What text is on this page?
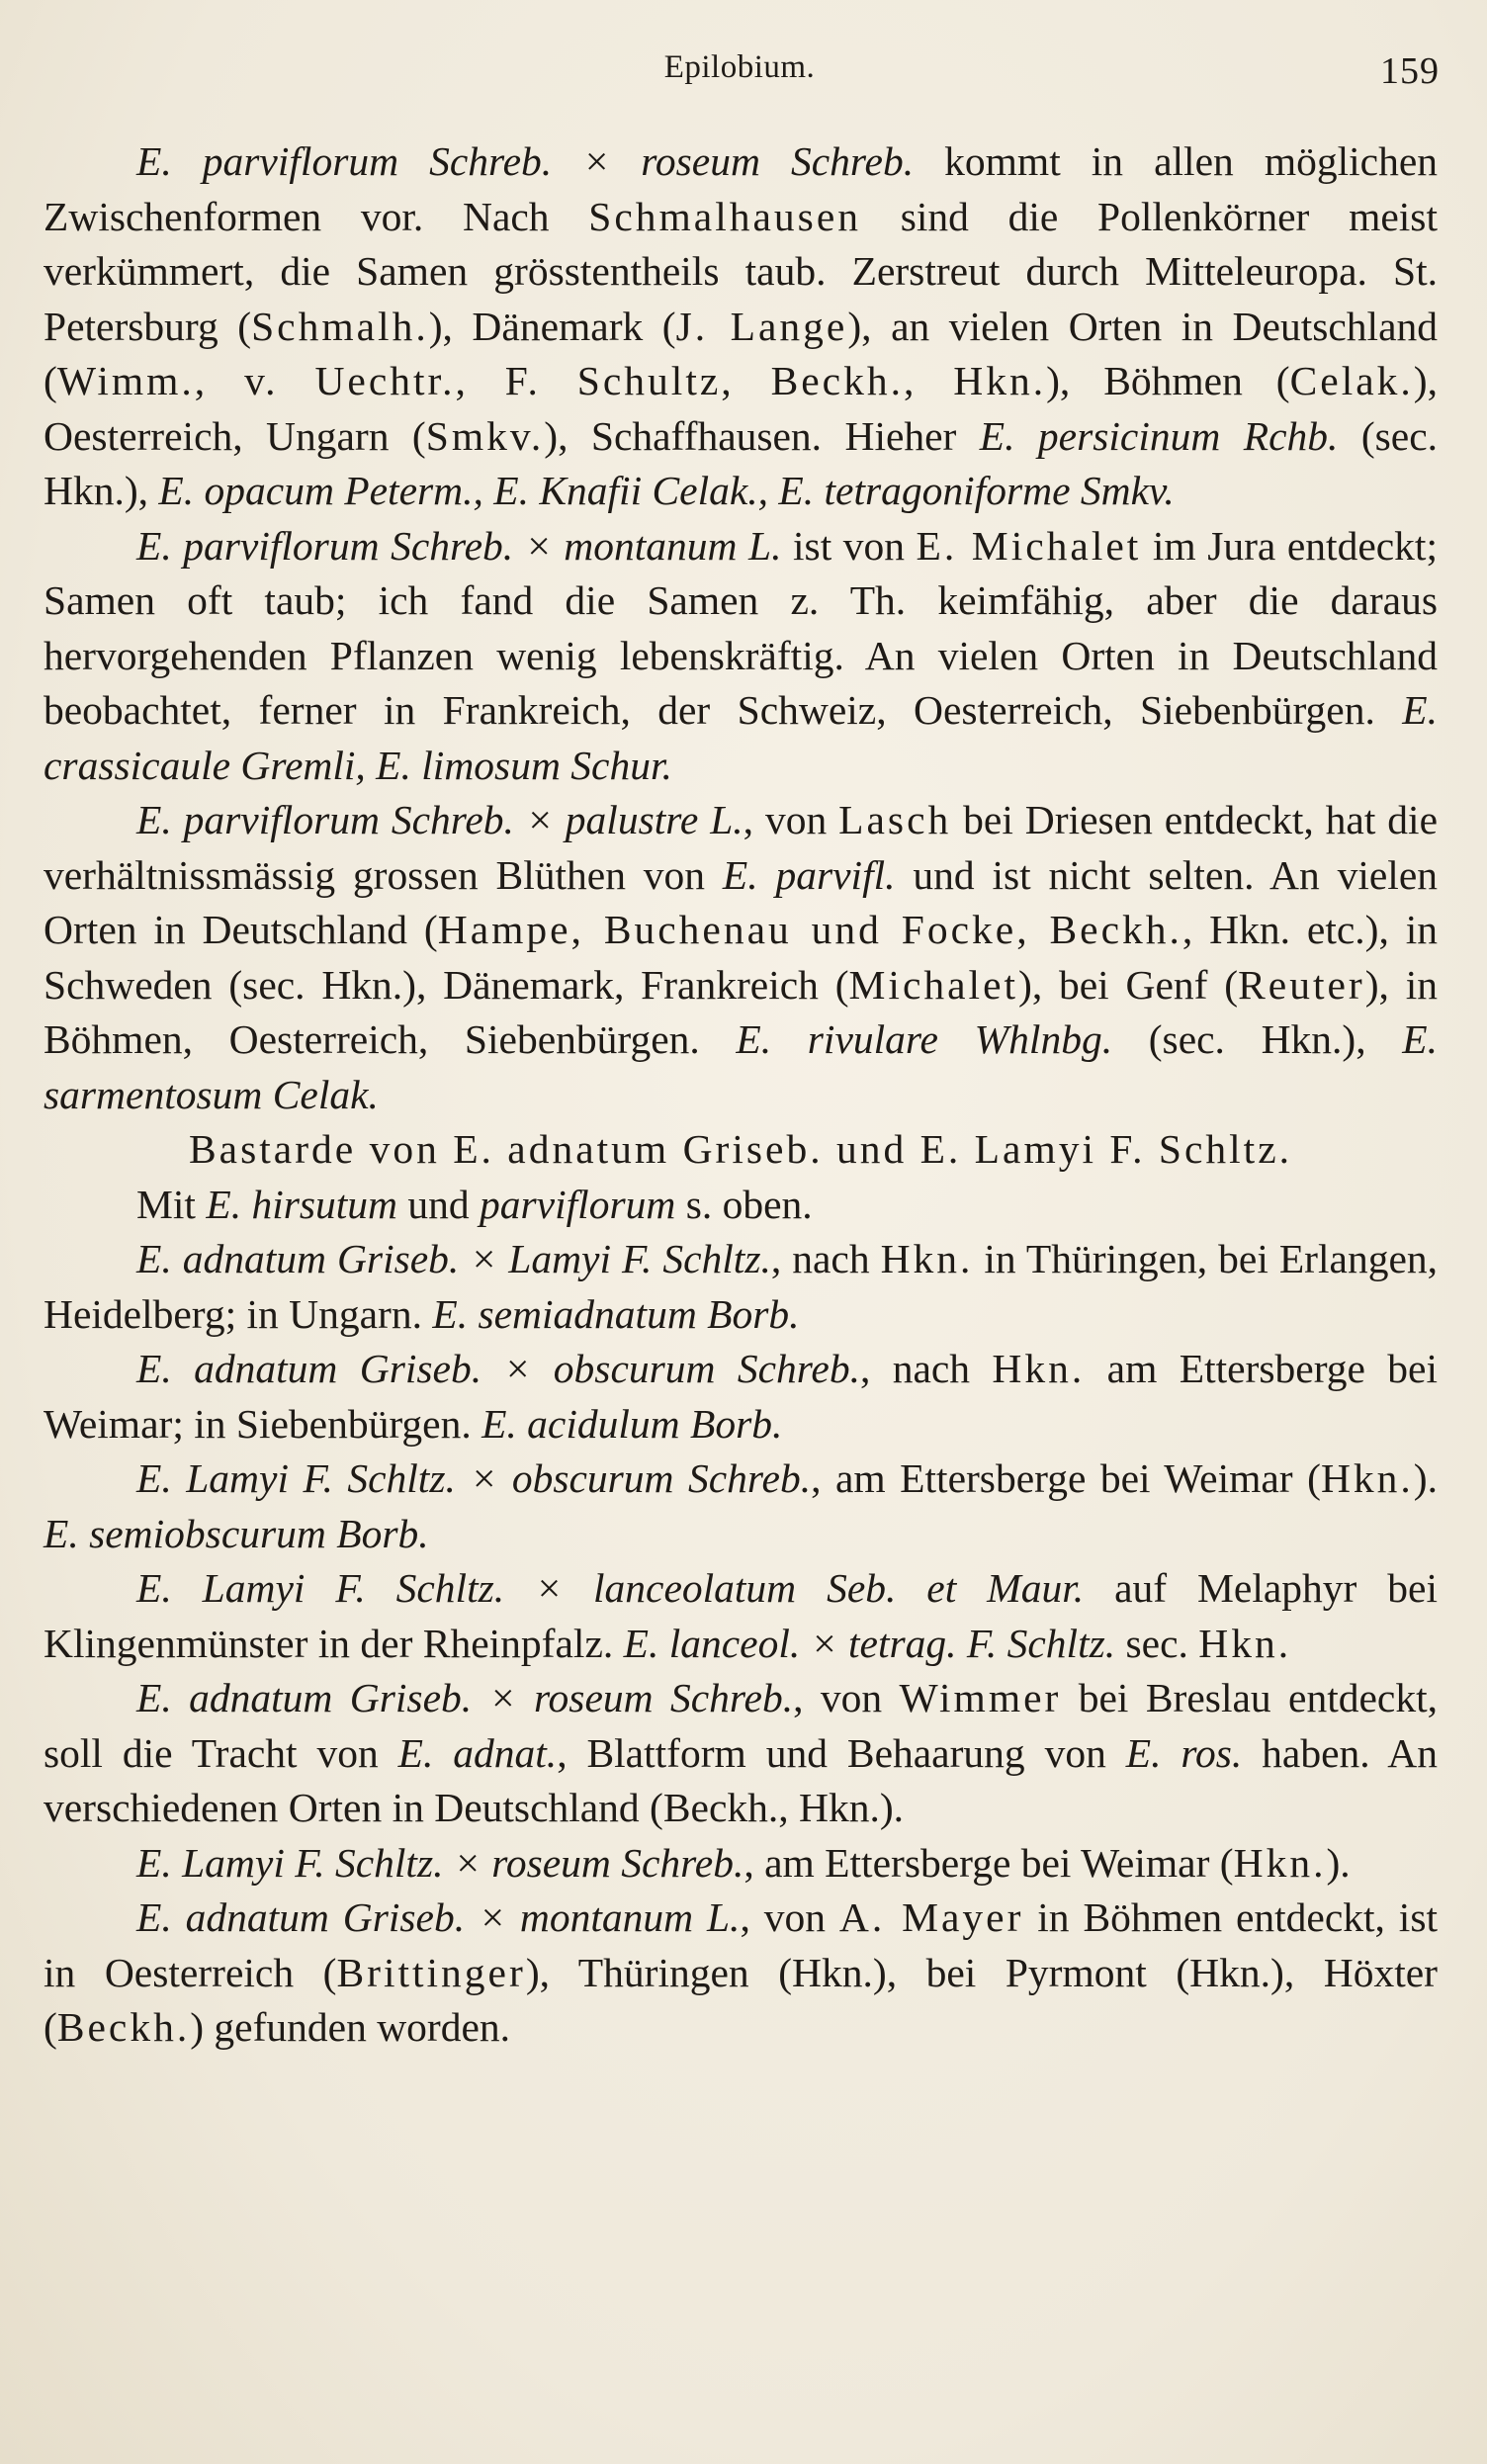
Epilobium.	159

E. parviflorum Schreb. × roseum Schreb. kommt in allen möglichen Zwischenformen vor. Nach Schmalhausen sind die Pollenkörner meist verkümmert, die Samen grösstentheils taub. Zerstreut durch Mitteleuropa. St. Petersburg (Schmalh.), Dänemark (J. Lange), an vielen Orten in Deutschland (Wimm., v. Uechtr., F. Schultz, Beckh., Hkn.), Böhmen (Celak.), Oesterreich, Ungarn (Smkv.), Schaffhausen. Hieher E. persicinum Rchb. (sec. Hkn.), E. opacum Peterm., E. Knafii Celak., E. tetragoniforme Smkv.

E. parviflorum Schreb. × montanum L. ist von E. Michalet im Jura entdeckt; Samen oft taub; ich fand die Samen z. Th. keimfähig, aber die daraus hervorgehenden Pflanzen wenig lebenskräftig. An vielen Orten in Deutschland beobachtet, ferner in Frankreich, der Schweiz, Oesterreich, Siebenbürgen. E. crassicaule Gremli, E. limosum Schur.

E. parviflorum Schreb. × palustre L., von Lasch bei Driesen entdeckt, hat die verhältnissmässig grossen Blüthen von E. parvifl. und ist nicht selten. An vielen Orten in Deutschland (Hampe, Buchenau und Focke, Beckh., Hkn. etc.), in Schweden (sec. Hkn.), Dänemark, Frankreich (Michalet), bei Genf (Reuter), in Böhmen, Oesterreich, Siebenbürgen. E. rivulare Whlnbg. (sec. Hkn.), E. sarmentosum Celak.

Bastarde von E. adnatum Griseb. und E. Lamyi F. Schltz.

Mit E. hirsutum und parviflorum s. oben.

E. adnatum Griseb. × Lamyi F. Schltz., nach Hkn. in Thüringen, bei Erlangen, Heidelberg; in Ungarn. E. semiadnatum Borb.

E. adnatum Griseb. × obscurum Schreb., nach Hkn. am Ettersberge bei Weimar; in Siebenbürgen. E. acidulum Borb.

E. Lamyi F. Schltz. × obscurum Schreb., am Ettersberge bei Weimar (Hkn.). E. semiobscurum Borb.

E. Lamyi F. Schltz. × lanceolatum Seb. et Maur. auf Melaphyr bei Klingenmünster in der Rheinpfalz. E. lanceol. × tetrag. F. Schltz. sec. Hkn.

E. adnatum Griseb. × roseum Schreb., von Wimmer bei Breslau entdeckt, soll die Tracht von E. adnat., Blattform und Behaarung von E. ros. haben. An verschiedenen Orten in Deutschland (Beckh., Hkn.).

E. Lamyi F. Schltz. × roseum Schreb., am Ettersberge bei Weimar (Hkn.).

E. adnatum Griseb. × montanum L., von A. Mayer in Böhmen entdeckt, ist in Oesterreich (Brittinger), Thüringen (Hkn.), bei Pyrmont (Hkn.), Höxter (Beckh.) gefunden worden.
